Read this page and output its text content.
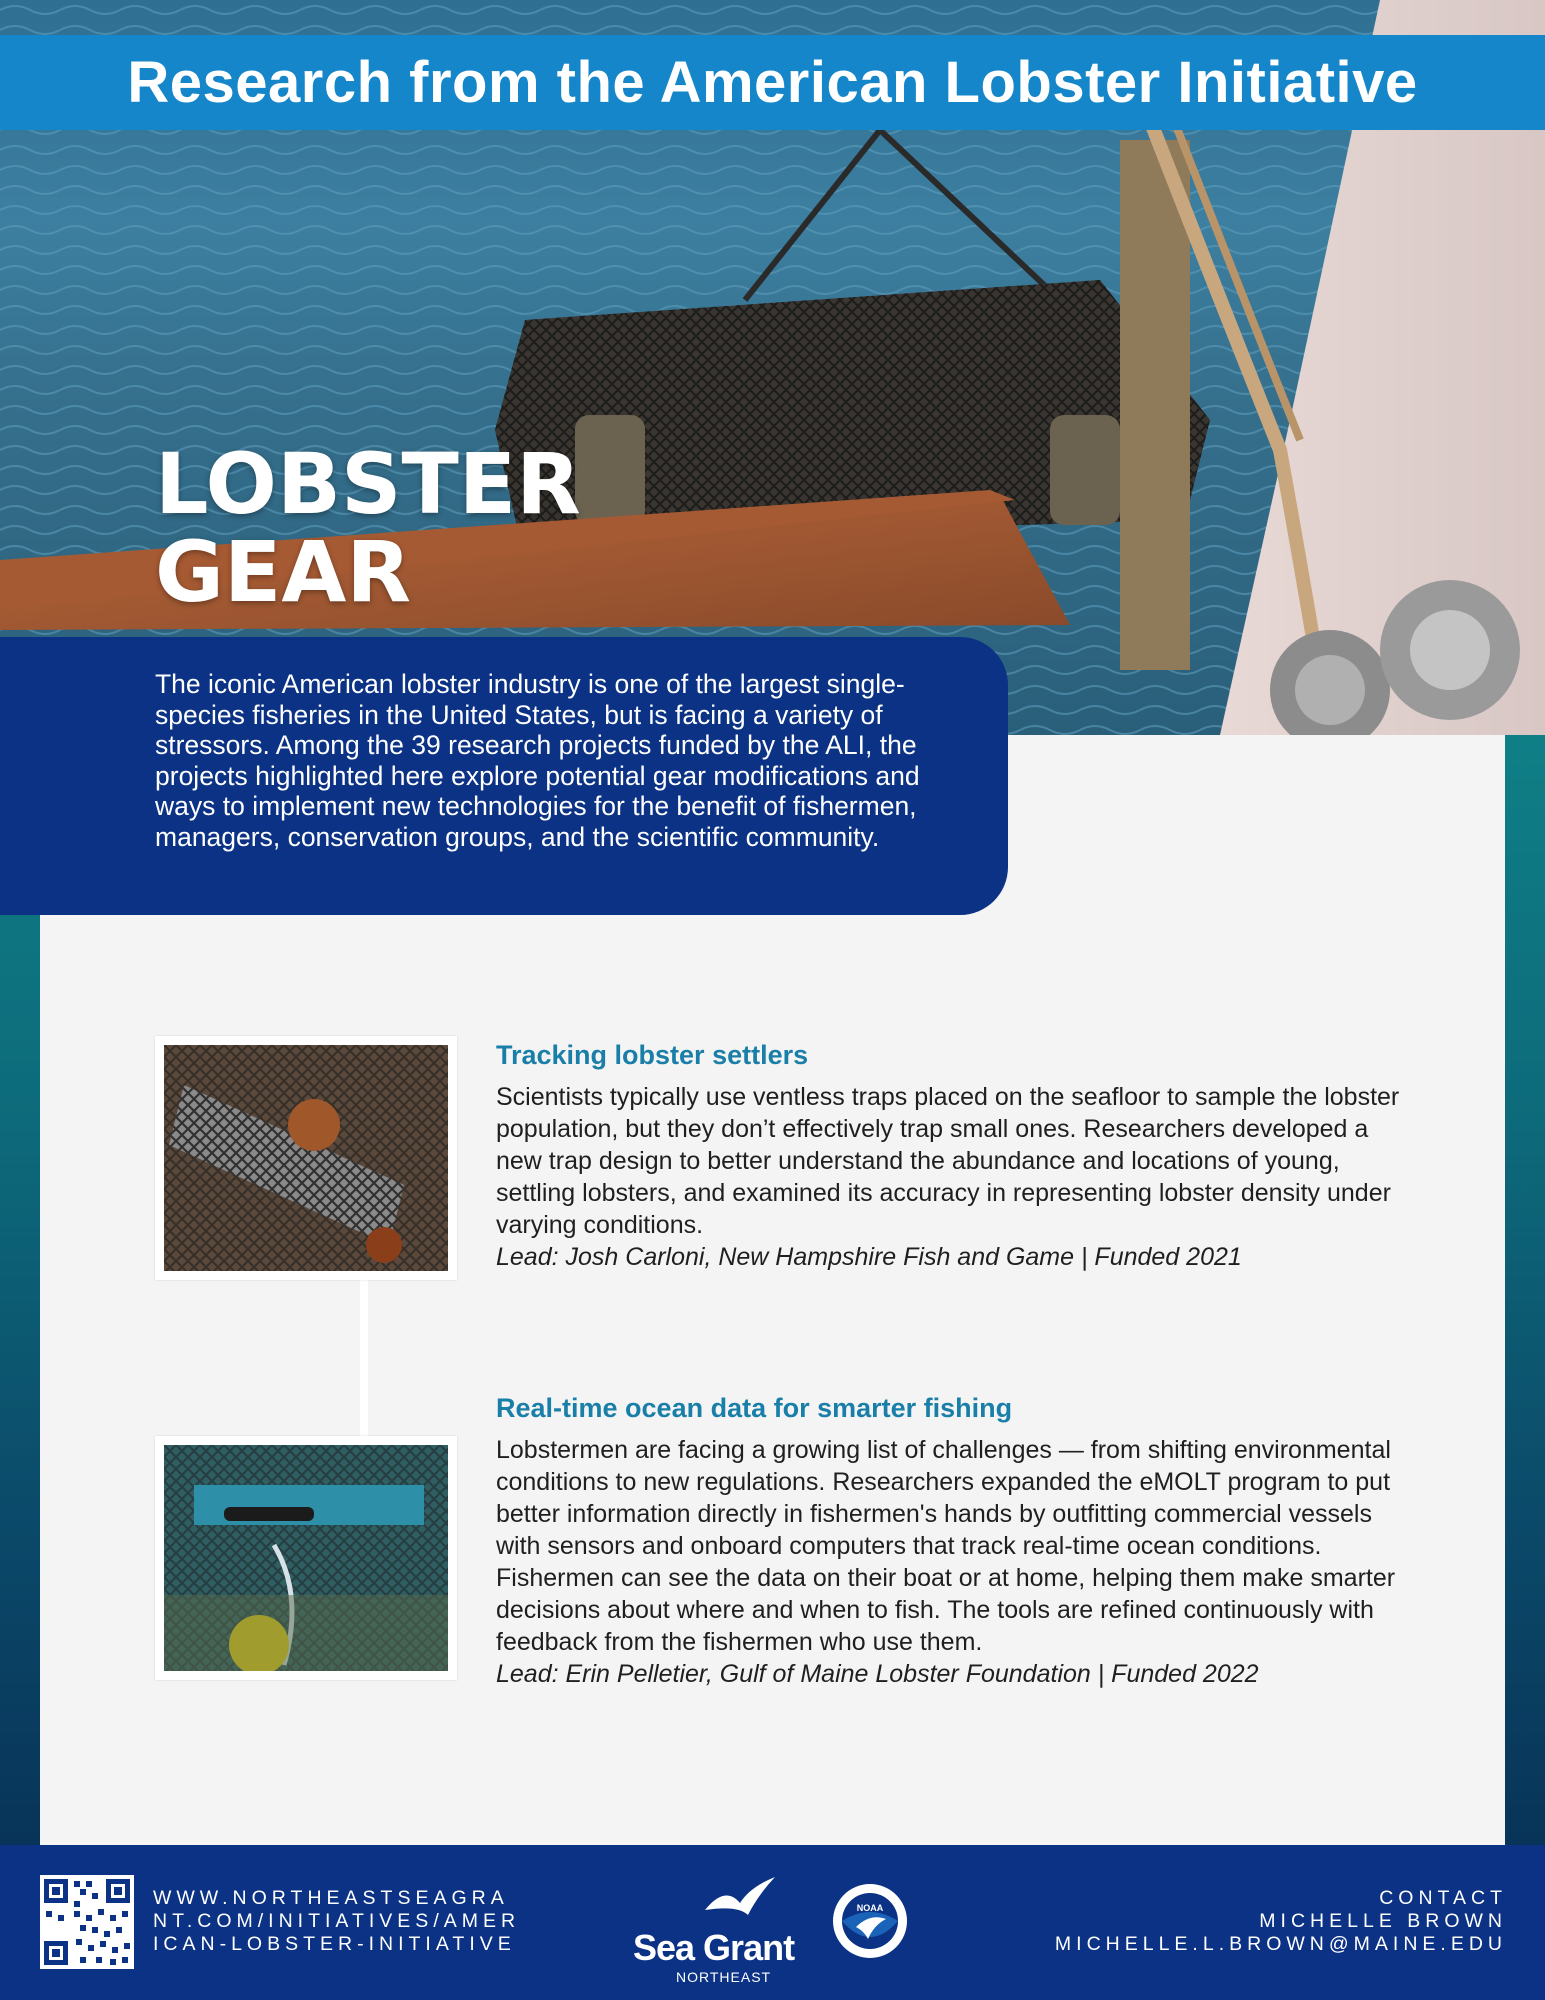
Research from the American Lobster Initiative
LOBSTER
GEAR

The iconic American lobster industry is one of the largest single-species fisheries in the United States, but is facing a variety of stressors. Among the 39 research projects funded by the ALI, the projects highlighted here explore potential gear modifications and ways to implement new technologies for the benefit of fishermen, managers, conservation groups, and the scientific community.

Tracking lobster settlers

Scientists typically use ventless traps placed on the seafloor to sample the lobster population, but they don’t effectively trap small ones. Researchers developed a new trap design to better understand the abundance and locations of young, settling lobsters, and examined its accuracy in representing lobster density under varying conditions.

Lead: Josh Carloni, New Hampshire Fish and Game | Funded 2021

Real-time ocean data for smarter fishing

Lobstermen are facing a growing list of challenges — from shifting environmental conditions to new regulations. Researchers expanded the eMOLT program to put better information directly in fishermen's hands by outfitting commercial vessels with sensors and onboard computers that track real-time ocean conditions. Fishermen can see the data on their boat or at home, helping them make smarter decisions about where and when to fish. The tools are refined continuously with feedback from the fishermen who use them.

Lead: Erin Pelletier, Gulf of Maine Lobster Foundation | Funded 2022

WWW.NORTHEASTSEAGRA
NT.COM/INITIATIVES/AMER
ICAN-LOBSTER-INITIATIVE	Sea Grant
NORTHEAST
NOAA	CONTACT
MICHELLE BROWN
MICHELLE.L.BROWN@MAINE.EDU
